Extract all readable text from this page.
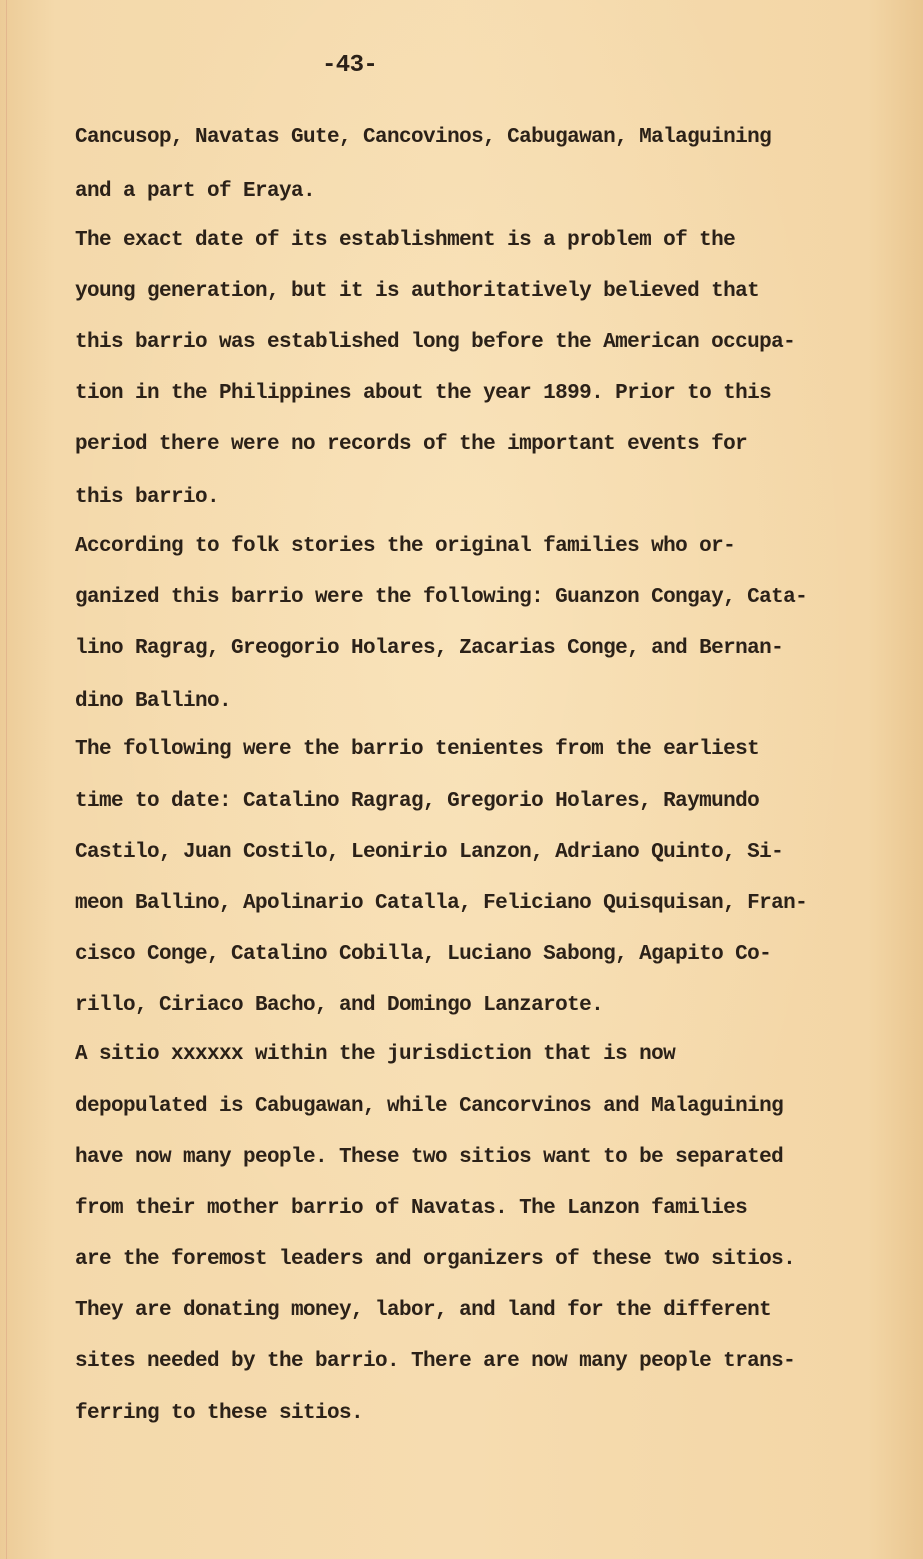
-43-
Cancusop, Navatas Gute, Cancovinos, Cabugawan, Malaguining
and a part of Eraya.
The exact date of its establishment is a problem of the
young generation, but it is authoritatively believed that
this barrio was established long before the American occupa-
tion in the Philippines about the year 1899. Prior to this
period there were no records of the important events for
this barrio.
According to folk stories the original families who or-
ganized this barrio were the following: Guanzon Congay, Cata-
lino Ragrag, Greogorio Holares, Zacarias Conge, and Bernan-
dino Ballino.
The following were the barrio tenientes from the earliest
time to date: Catalino Ragrag, Gregorio Holares, Raymundo
Castilo, Juan Costilo, Leonirio Lanzon, Adriano Quinto, Si-
meon Ballino, Apolinario Catalla, Feliciano Quisquisan, Fran-
cisco Conge, Catalino Cobilla, Luciano Sabong, Agapito Co-
rillo, Ciriaco Bacho, and Domingo Lanzarote.
A sitio xxxxxx within the jurisdiction that is now
depopulated is Cabugawan, while Cancorvinos and Malaguining
have now many people. These two sitios want to be separated
from their mother barrio of Navatas. The Lanzon families
are the foremost leaders and organizers of these two sitios.
They are donating money, labor, and land for the different
sites needed by the barrio. There are now many people trans-
ferring to these sitios.
